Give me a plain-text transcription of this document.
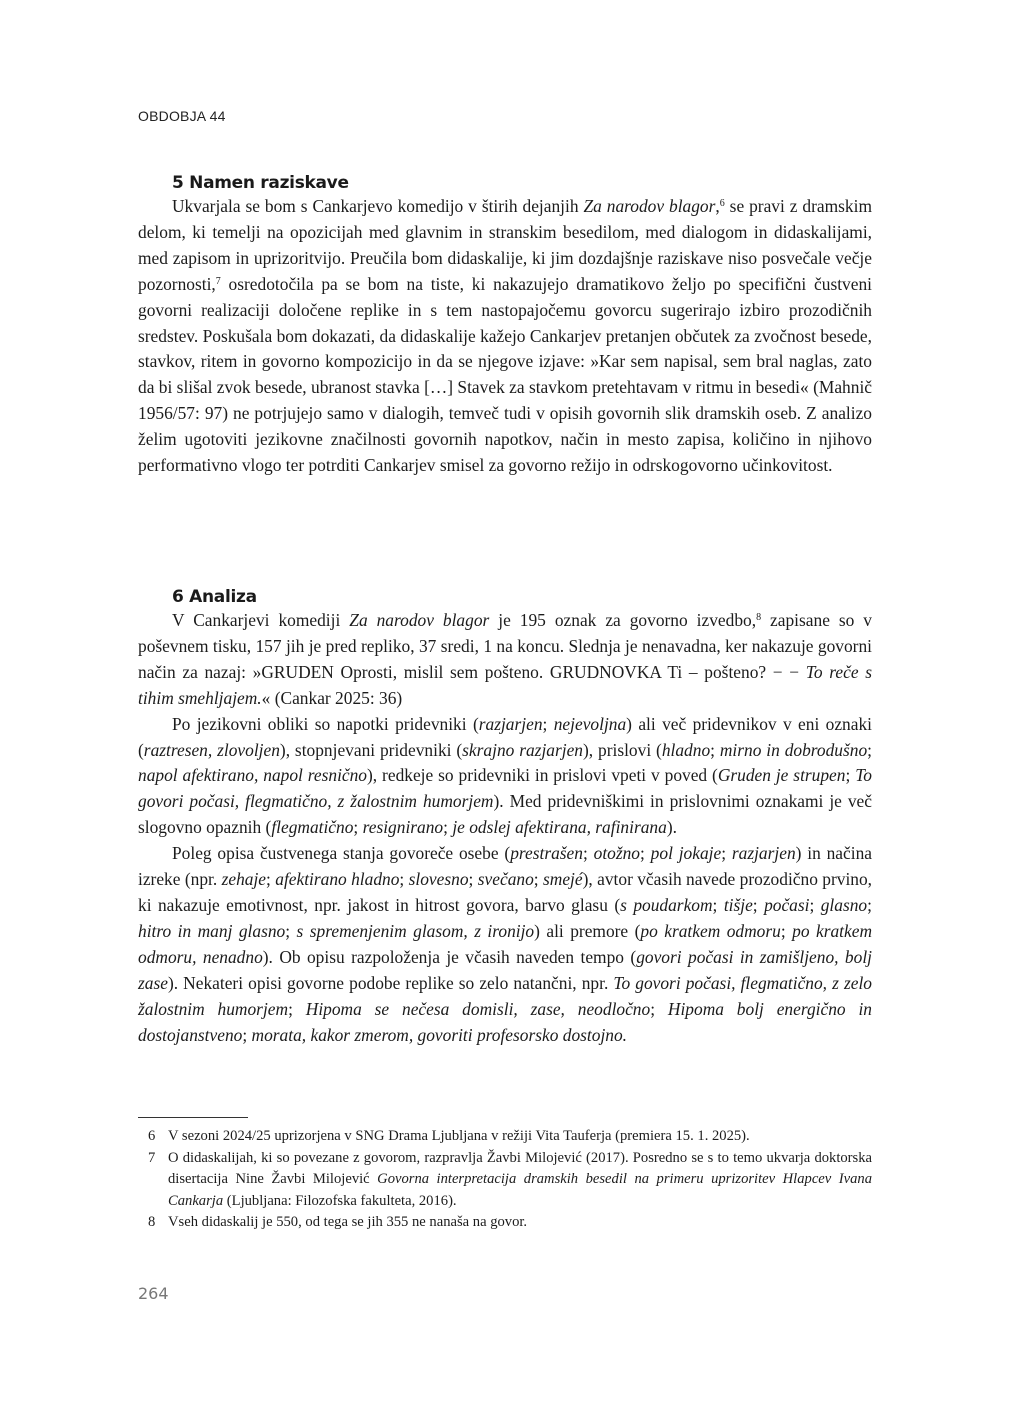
OBDOBJA 44
5 Namen raziskave

Ukvarjala se bom s Cankarjevo komedijo v štirih dejanjih Za narodov blagor,$^6$ se pravi z dramskim delom, ki temelji na opozicijah med glavnim in stranskim besedilom, med dialogom in didaskalijami, med zapisom in uprizoritvijo. Preučila bom didaskalije, ki jim dozdajšnje raziskave niso posvečale večje pozornosti,$^7$ osredotočila pa se bom na tiste, ki nakazujejo dramatikovo željo po specifični čustveni govorni realizaciji določene replike in s tem nastopajočemu govorcu sugerirajo izbiro prozodičnih sredstev. Poskušala bom dokazati, da didaskalije kažejo Cankarjev pretanjen občutek za zvočnost besede, stavkov, ritem in govorno kompozicijo in da se njegove izjave: »Kar sem napisal, sem bral naglas, zato da bi slišal zvok besede, ubranost stavka […] Stavek za stavkom pretehtavam v ritmu in besedi« (Mahnič 1956/57: 97) ne potrjujejo samo v dialogih, temveč tudi v opisih govornih slik dramskih oseb. Z analizo želim ugotoviti jezikovne značilnosti govornih napotkov, način in mesto zapisa, količino in njihovo performativno vlogo ter potrditi Cankarjev smisel za govorno režijo in odrskogovorno učinkovitost.

6 Analiza

V Cankarjevi komediji Za narodov blagor je 195 oznak za govorno izvedbo,$^8$ zapisane so v poševnem tisku, 157 jih je pred repliko, 37 sredi, 1 na koncu. Slednja je nenavadna, ker nakazuje govorni način za nazaj: »GRUDEN Oprosti, mislil sem pošteno. GRUDNOVKA Ti – pošteno? − − To reče s tihim smehljajem.« (Cankar 2025: 36)

Po jezikovni obliki so napotki pridevniki (razjarjen; nejevoljna) ali več pridevnikov v eni oznaki (raztresen, zlovoljen), stopnjevani pridevniki (skrajno razjarjen), prislovi (hladno; mirno in dobrodušno; napol afektirano, napol resnično), redkeje so pridevniki in prislovi vpeti v poved (Gruden je strupen; To govori počasi, flegmatično, z žalostnim humorjem). Med pridevniškimi in prislovnimi oznakami je več slogovno opaznih (flegmatično; resignirano; je odslej afektirana, rafinirana).

Poleg opisa čustvenega stanja govoreče osebe (prestrašen; otožno; pol jokaje; razjarjen) in načina izreke (npr. zehaje; afektirano hladno; slovesno; svečano; smejé), avtor včasih navede prozodično prvino, ki nakazuje emotivnost, npr. jakost in hitrost govora, barvo glasu (s poudarkom; tišje; počasi; glasno; hitro in manj glasno; s spremenjenim glasom, z ironijo) ali premore (po kratkem odmoru; po kratkem odmoru, nenadno). Ob opisu razpoloženja je včasih naveden tempo (govori počasi in zamišljeno, bolj zase). Nekateri opisi govorne podobe replike so zelo natančni, npr. To govori počasi, flegmatično, z zelo žalostnim humorjem; Hipoma se nečesa domisli, zase, neodločno; Hipoma bolj energično in dostojanstveno; morata, kakor zmerom, govoriti profesorsko dostojno.

6 V sezoni 2024/25 uprizorjena v SNG Drama Ljubljana v režiji Vita Tauferja (premiera 15. 1. 2025).
7 O didaskalijah, ki so povezane z govorom, razpravlja Žavbi Milojević (2017). Posredno se s to temo ukvarja doktorska disertacija Nine Žavbi Milojević Govorna interpretacija dramskih besedil na primeru uprizoritev Hlapcev Ivana Cankarja (Ljubljana: Filozofska fakulteta, 2016).
8 Vseh didaskalij je 550, od tega se jih 355 ne nanaša na govor.
264
